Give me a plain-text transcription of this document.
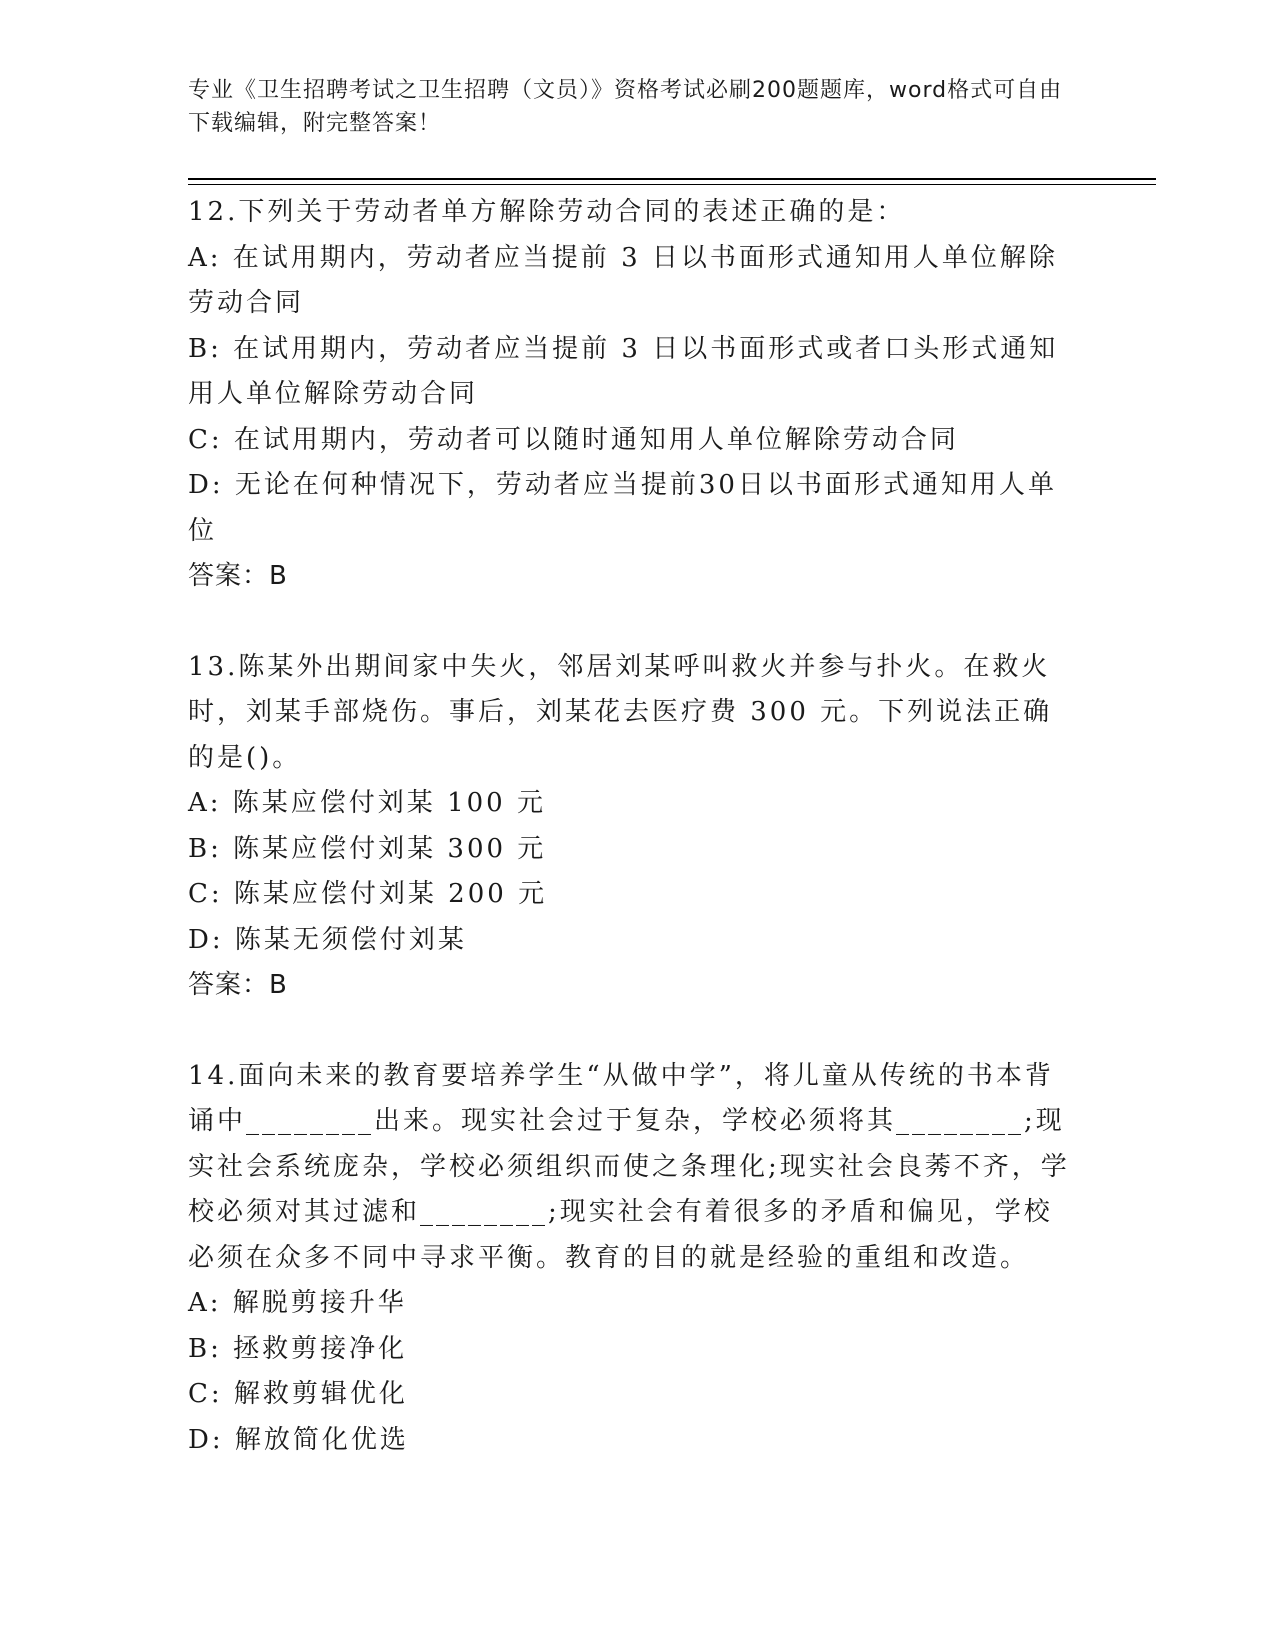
专业《卫生招聘考试之卫生招聘（文员）》资格考试必刷200题题库，word格式可自由下载编辑，附完整答案！

12.下列关于劳动者单方解除劳动合同的表述正确的是：

A: 在试用期内，劳动者应当提前 3 日以书面形式通知用人单位解除劳动合同

B: 在试用期内，劳动者应当提前 3 日以书面形式或者口头形式通知用人单位解除劳动合同

C: 在试用期内，劳动者可以随时通知用人单位解除劳动合同

D: 无论在何种情况下，劳动者应当提前30日以书面形式通知用人单位

答案：B

13.陈某外出期间家中失火，邻居刘某呼叫救火并参与扑火。在救火时，刘某手部烧伤。事后，刘某花去医疗费 300 元。下列说法正确的是()。

A: 陈某应偿付刘某 100 元

B: 陈某应偿付刘某 300 元

C: 陈某应偿付刘某 200 元

D: 陈某无须偿付刘某

答案：B

14.面向未来的教育要培养学生“从做中学”，将儿童从传统的书本背诵中________出来。现实社会过于复杂，学校必须将其________;现实社会系统庞杂，学校必须组织而使之条理化;现实社会良莠不齐，学校必须对其过滤和________;现实社会有着很多的矛盾和偏见，学校必须在众多不同中寻求平衡。教育的目的就是经验的重组和改造。

A: 解脱剪接升华

B: 拯救剪接净化

C: 解救剪辑优化

D: 解放简化优选
